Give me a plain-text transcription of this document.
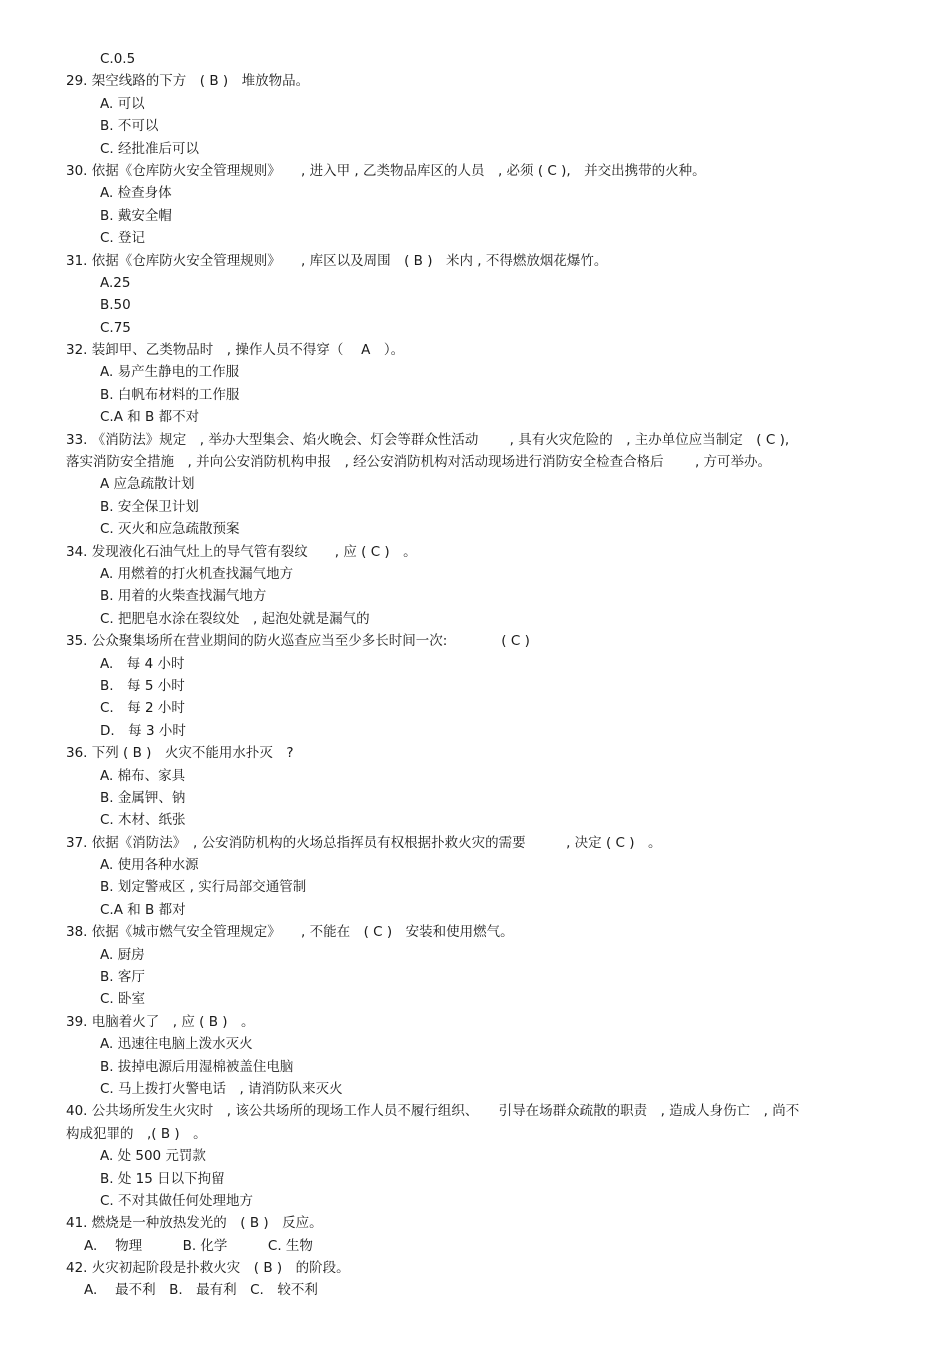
C.0.5
29. 架空线路的下方　( B )　堆放物品。
A. 可以
B. 不可以
C. 经批准后可以
30. 依据《仓库防火安全管理规则》　　, 进入甲 , 乙类物品库区的人员　, 必须 ( C ),　并交出携带的火种。
A. 检查身体
B. 戴安全帽
C. 登记
31. 依据《仓库防火安全管理规则》　　, 库区以及周围　( B )　米内 , 不得燃放烟花爆竹。
A.25
B.50
C.75
32. 装卸甲、乙类物品时　, 操作人员不得穿（　 A　）。
A. 易产生静电的工作服
B. 白帆布材料的工作服
C.A 和 B 都不对
33. 《消防法》规定　, 举办大型集会、焰火晚会、灯会等群众性活动　　 , 具有火灾危险的　, 主办单位应当制定　( C ),
落实消防安全措施　, 并向公安消防机构申报　, 经公安消防机构对活动现场进行消防安全检查合格后　　 , 方可举办。
A 应急疏散计划
B. 安全保卫计划
C. 灭火和应急疏散预案
34. 发现液化石油气灶上的导气管有裂纹　　, 应 ( C )　。
A. 用燃着的打火机查找漏气地方
B. 用着的火柴查找漏气地方
C. 把肥皂水涂在裂纹处　, 起泡处就是漏气的
35. 公众聚集场所在营业期间的防火巡查应当至少多长时间一次:　　　　( C )
A.　每 4 小时
B.　每 5 小时
C.　每 2 小时
D.　每 3 小时
36. 下列 ( B )　火灾不能用水扑灭　?
A. 棉布、家具
B. 金属钾、钠
C. 木材、纸张
37. 依据《消防法》　, 公安消防机构的火场总指挥员有权根据扑救火灾的需要　　　, 决定 ( C )　。
A. 使用各种水源
B. 划定警戒区 , 实行局部交通管制
C.A 和 B 都对
38. 依据《城市燃气安全管理规定》　　, 不能在　( C )　安装和使用燃气。
A. 厨房
B. 客厅
C. 卧室
39. 电脑着火了　, 应 ( B )　。
A. 迅速往电脑上泼水灭火
B. 拔掉电源后用湿棉被盖住电脑
C. 马上拨打火警电话　, 请消防队来灭火
40. 公共场所发生火灾时　, 该公共场所的现场工作人员不履行组织、　　引导在场群众疏散的职责　, 造成人身伤亡　, 尚不
构成犯罪的　,( B )　。
A. 处 500 元罚款
B. 处 15 日以下拘留
C. 不对其做任何处理地方
41. 燃烧是一种放热发光的　( B )　反应。
A.　 物理　　　B. 化学　　　C. 生物
42. 火灾初起阶段是扑救火灾　( B )　的阶段。
A.　 最不利　B.　最有利　C.　较不利
